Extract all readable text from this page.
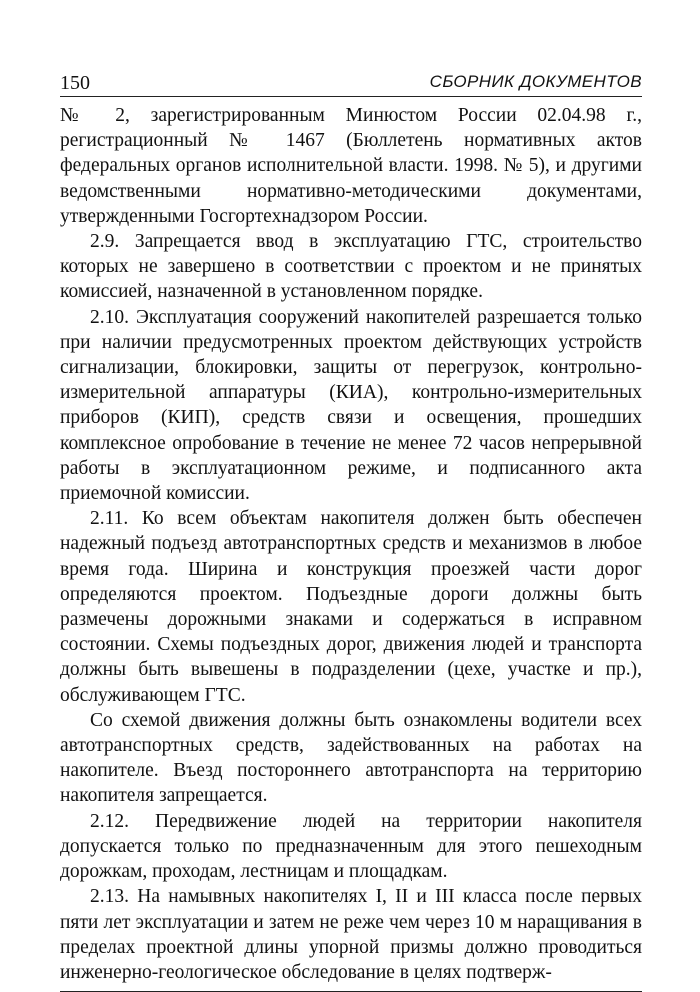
150	СБОРНИК ДОКУМЕНТОВ

№ 2, зарегистрированным Минюстом России 02.04.98 г., регистрационный № 1467 (Бюллетень нормативных актов федеральных органов исполнительной власти. 1998. № 5), и другими ведомственными нормативно-методическими документами, утвержденными Госгортехнадзором России.

2.9. Запрещается ввод в эксплуатацию ГТС, строительство которых не завершено в соответствии с проектом и не принятых комиссией, назначенной в установленном порядке.

2.10. Эксплуатация сооружений накопителей разрешается только при наличии предусмотренных проектом действующих устройств сигнализации, блокировки, защиты от перегрузок, контрольно-измерительной аппаратуры (КИА), контрольно-измерительных приборов (КИП), средств связи и освещения, прошедших комплексное опробование в течение не менее 72 часов непрерывной работы в эксплуатационном режиме, и подписанного акта приемочной комиссии.

2.11. Ко всем объектам накопителя должен быть обеспечен надежный подъезд автотранспортных средств и механизмов в любое время года. Ширина и конструкция проезжей части дорог определяются проектом. Подъездные дороги должны быть размечены дорожными знаками и содержаться в исправном состоянии. Схемы подъездных дорог, движения людей и транспорта должны быть вывешены в подразделении (цехе, участке и пр.), обслуживающем ГТС.

Со схемой движения должны быть ознакомлены водители всех автотранспортных средств, задействованных на работах на накопителе. Въезд постороннего автотранспорта на территорию накопителя запрещается.

2.12. Передвижение людей на территории накопителя допускается только по предназначенным для этого пешеходным дорожкам, проходам, лестницам и площадкам.

2.13. На намывных накопителях I, II и III класса после первых пяти лет эксплуатации и затем не реже чем через 10 м наращивания в пределах проектной длины упорной призмы должно проводиться инженерно-геологическое обследование в целях подтверж-
